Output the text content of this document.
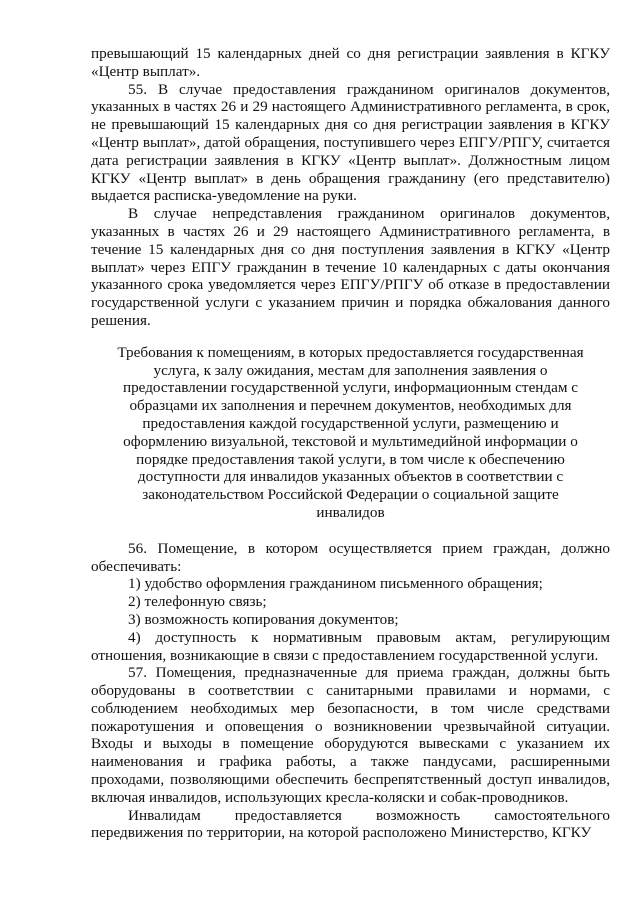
превышающий 15 календарных дней со дня регистрации заявления в КГКУ «Центр выплат».

55. В случае предоставления гражданином оригиналов документов, указанных в частях 26 и 29 настоящего Административного регламента, в срок, не превышающий 15 календарных дня со дня регистрации заявления в КГКУ «Центр выплат», датой обращения, поступившего через ЕПГУ/РПГУ, считается дата регистрации заявления в КГКУ «Центр выплат». Должностным лицом КГКУ «Центр выплат» в день обращения гражданину (его представителю) выдается расписка-уведомление на руки.

В случае непредставления гражданином оригиналов документов, указанных в частях 26 и 29 настоящего Административного регламента, в течение 15 календарных дня со дня поступления заявления в КГКУ «Центр выплат» через ЕПГУ гражданин в течение 10 календарных с даты окончания указанного срока уведомляется через ЕПГУ/РПГУ об отказе в предоставлении государственной услуги с указанием причин и порядка обжалования данного решения.

Требования к помещениям, в которых предоставляется государственная услуга, к залу ожидания, местам для заполнения заявления о предоставлении государственной услуги, информационным стендам с образцами их заполнения и перечнем документов, необходимых для предоставления каждой государственной услуги, размещению и оформлению визуальной, текстовой и мультимедийной информации о порядке предоставления такой услуги, в том числе к обеспечению доступности для инвалидов указанных объектов в соответствии с законодательством Российской Федерации о социальной защите инвалидов

56. Помещение, в котором осуществляется прием граждан, должно обеспечивать:

1) удобство оформления гражданином письменного обращения;

2) телефонную связь;

3) возможность копирования документов;

4) доступность к нормативным правовым актам, регулирующим отношения, возникающие в связи с предоставлением государственной услуги.

57. Помещения, предназначенные для приема граждан, должны быть оборудованы в соответствии с санитарными правилами и нормами, с соблюдением необходимых мер безопасности, в том числе средствами пожаротушения и оповещения о возникновении чрезвычайной ситуации. Входы и выходы в помещение оборудуются вывесками с указанием их наименования и графика работы, а также пандусами, расширенными проходами, позволяющими обеспечить беспрепятственный доступ инвалидов, включая инвалидов, использующих кресла-коляски и собак-проводников.

Инвалидам предоставляется возможность самостоятельного передвижения по территории, на которой расположено Министерство, КГКУ
